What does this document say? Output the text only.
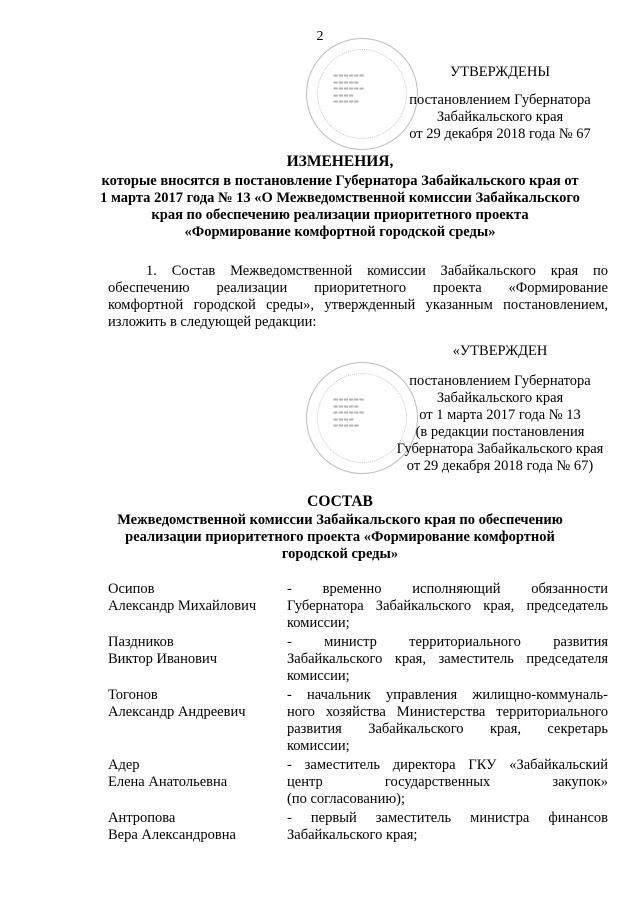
2
▬▬▬▬▬▬
▬▬▬▬▬
▬▬▬▬▬▬
▬▬▬▬
▬▬▬▬▬
УТВЕРЖДЕНЫ
постановлением Губернатора
Забайкальского края
от 29 декабря 2018 года № 67
ИЗМЕНЕНИЯ,
которые вносятся в постановление Губернатора Забайкальского края от
1 марта 2017 года № 13 «О Межведомственной комиссии Забайкальского
края по обеспечению реализации приоритетного проекта
«Формирование комфортной городской среды»
1. Состав Межведомственной комиссии Забайкальского края по
обеспечению реализации приоритетного проекта «Формирование
комфортной городской среды», утвержденный указанным постановлением,
изложить в следующей редакции:
▬▬▬▬▬▬
▬▬▬▬▬
▬▬▬▬▬▬
▬▬▬▬
▬▬▬▬▬
«УТВЕРЖДЕН
постановлением Губернатора
Забайкальского края
от 1 марта 2017 года № 13
(в редакции постановления
Губернатора Забайкальского края
от 29 декабря 2018 года № 67)
СОСТАВ
Межведомственной комиссии Забайкальского края по обеспечению
реализации приоритетного проекта «Формирование комфортной
городской среды»
Осипов
Александр Михайлович
- временно исполняющий обязанности
Губернатора Забайкальского края, председатель
комиссии;
Паздников
Виктор Иванович
- министр территориального развития
Забайкальского края, заместитель председателя
комиссии;
Тогонов
Александр Андреевич
- начальник управления жилищно-коммуналь-
ного хозяйства Министерства территориального
развития Забайкальского края, секретарь
комиссии;
Адер
Елена Анатольевна
- заместитель директора ГКУ «Забайкальский
центр государственных закупок»
(по согласованию);
Антропова
Вера Александровна
- первый заместитель министра финансов
Забайкальского края;
